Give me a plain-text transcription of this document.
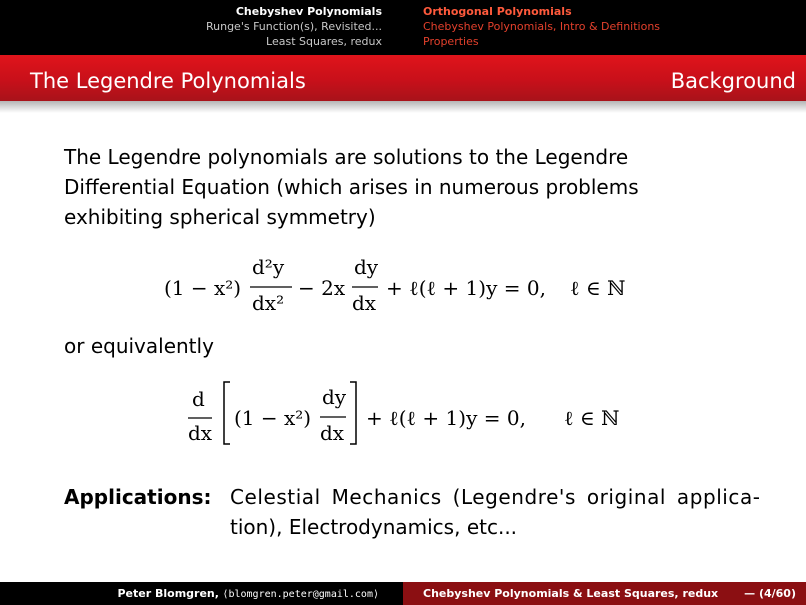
Chebyshev Polynomials
Runge's Function(s), Revisited...
Least Squares, redux
Orthogonal Polynomials
Chebyshev Polynomials, Intro & Definitions
Properties
The Legendre Polynomials	Background
The Legendre polynomials are solutions to the Legendre
Differential Equation (which arises in numerous problems
exhibiting spherical symmetry)
(1 − x²)
d²y
dx²
− 2x
dy
dx
+ ℓ(ℓ + 1)y = 0, ℓ ∈ ℕ
or equivalently
d
dx
(1 − x²)
dy
dx
+ ℓ(ℓ + 1)y = 0, ℓ ∈ ℕ
Applications: Celestial Mechanics (Legendre's original applica-
tion), Electrodynamics, etc...
Peter Blomgren, ⟨blomgren.peter@gmail.com⟩	Chebyshev Polynomials & Least Squares, redux — (4/60)
